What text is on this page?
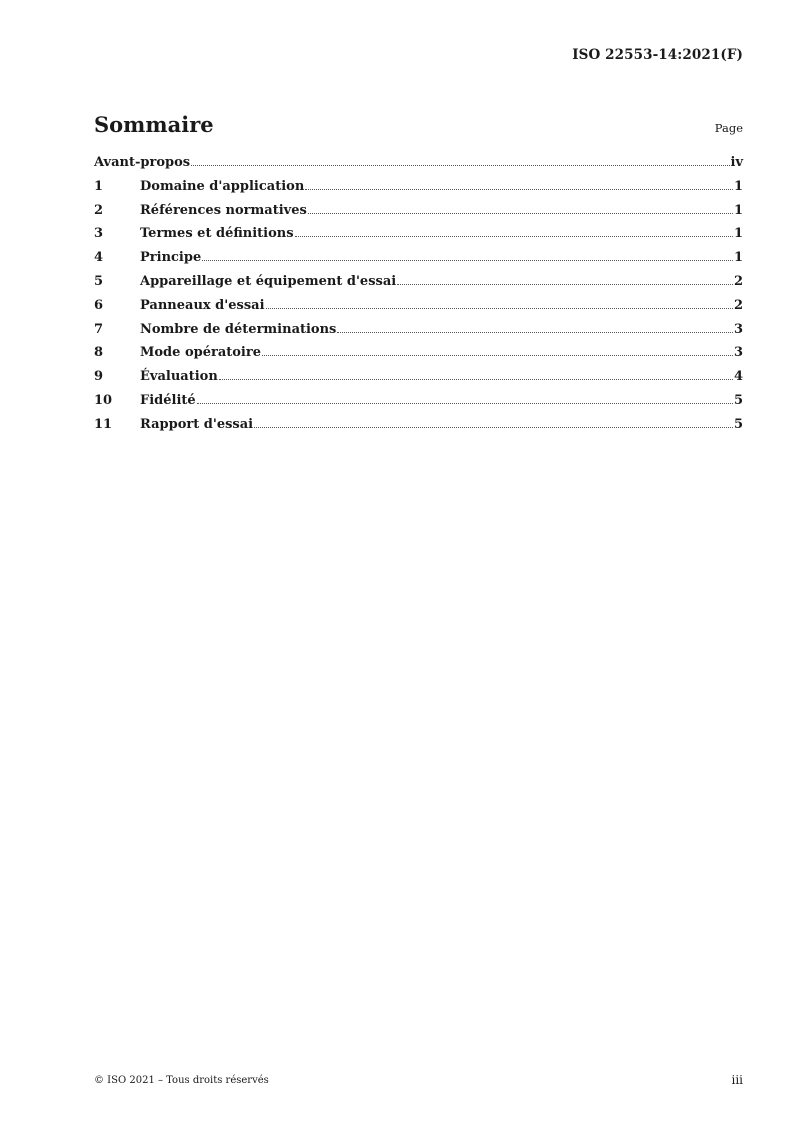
ISO 22553-14:2021(F)
Sommaire	Page
Avant-propos	iv
1	Domaine d'application	1
2	Références normatives	1
3	Termes et définitions	1
4	Principe	1
5	Appareillage et équipement d'essai	2
6	Panneaux d'essai	2
7	Nombre de déterminations	3
8	Mode opératoire	3
9	Évaluation	4
10	Fidélité	5
11	Rapport d'essai	5
© ISO 2021 – Tous droits réservés	iii
